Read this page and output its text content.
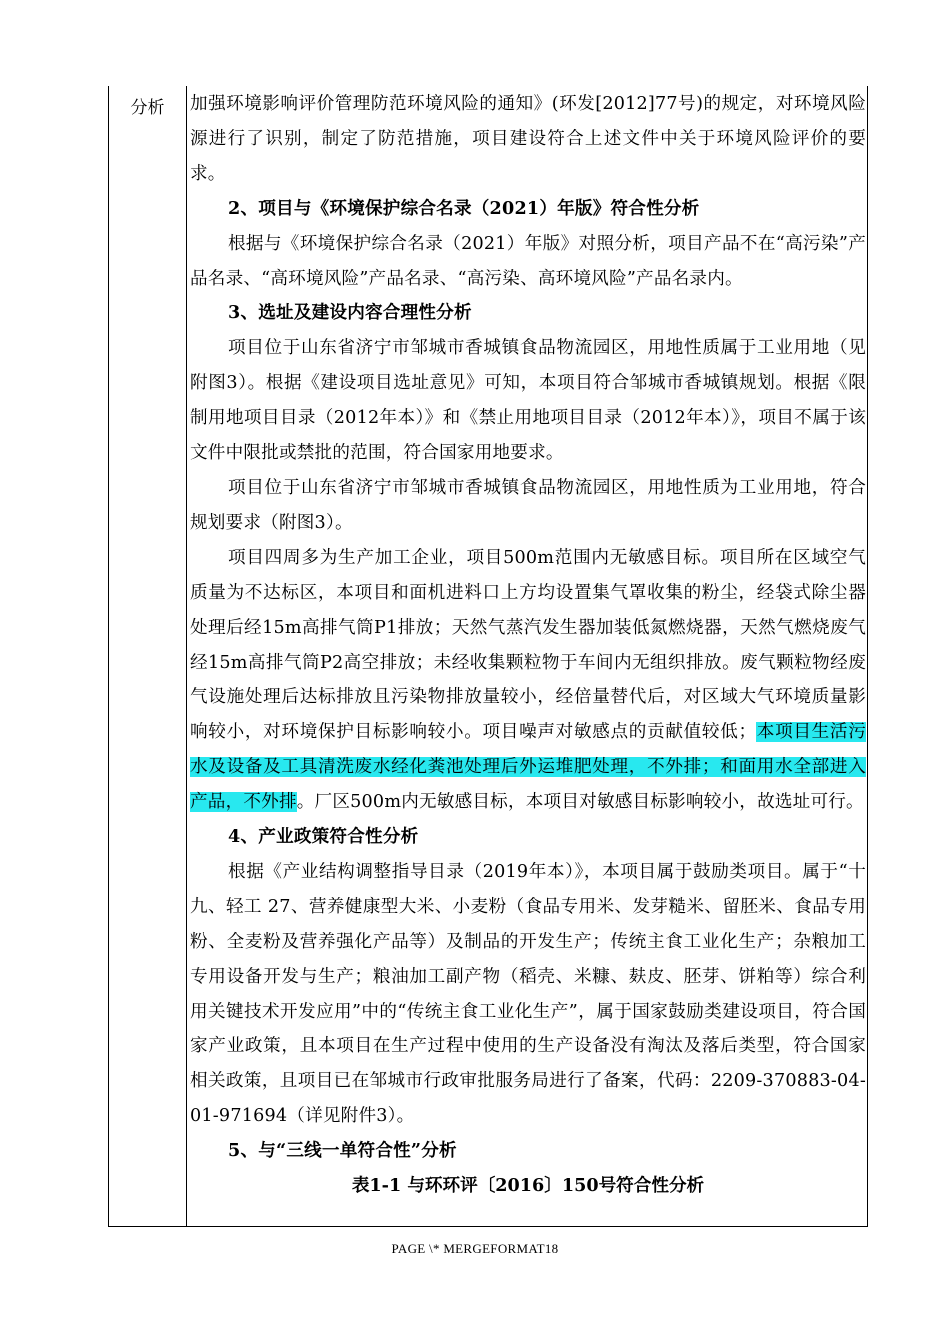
分析	加强环境影响评价管理防范环境风险的通知》(环发[2012]77号)的规定，对环境风险源进行了识别，制定了防范措施，项目建设符合上述文件中关于环境风险评价的要求。

2、项目与《环境保护综合名录（2021）年版》符合性分析

根据与《环境保护综合名录（2021）年版》对照分析，项目产品不在“高污染”产品名录、“高环境风险”产品名录、“高污染、高环境风险”产品名录内。

3、选址及建设内容合理性分析

项目位于山东省济宁市邹城市香城镇食品物流园区，用地性质属于工业用地（见附图3）。根据《建设项目选址意见》可知，本项目符合邹城市香城镇规划。根据《限制用地项目目录（2012年本）》和《禁止用地项目目录（2012年本）》，项目不属于该文件中限批或禁批的范围，符合国家用地要求。

项目位于山东省济宁市邹城市香城镇食品物流园区，用地性质为工业用地，符合规划要求（附图3）。

项目四周多为生产加工企业，项目500m范围内无敏感目标。项目所在区域空气质量为不达标区，本项目和面机进料口上方均设置集气罩收集的粉尘，经袋式除尘器处理后经15m高排气筒P1排放；天然气蒸汽发生器加装低氮燃烧器，天然气燃烧废气经15m高排气筒P2高空排放；未经收集颗粒物于车间内无组织排放。废气颗粒物经废气设施处理后达标排放且污染物排放量较小，经倍量替代后，对区域大气环境质量影响较小，对环境保护目标影响较小。项目噪声对敏感点的贡献值较低；本项目生活污水及设备及工具清洗废水经化粪池处理后外运堆肥处理，不外排；和面用水全部进入产品，不外排。厂区500m内无敏感目标，本项目对敏感目标影响较小，故选址可行。

4、产业政策符合性分析

根据《产业结构调整指导目录（2019年本）》，本项目属于鼓励类项目。属于“十九、轻工 27、营养健康型大米、小麦粉（食品专用米、发芽糙米、留胚米、食品专用粉、全麦粉及营养强化产品等）及制品的开发生产；传统主食工业化生产；杂粮加工专用设备开发与生产；粮油加工副产物（稻壳、米糠、麸皮、胚芽、饼粕等）综合利用关键技术开发应用”中的“传统主食工业化生产”，属于国家鼓励类建设项目，符合国家产业政策，且本项目在生产过程中使用的生产设备没有淘汰及落后类型，符合国家相关政策，且项目已在邹城市行政审批服务局进行了备案，代码：2209-370883-04-01-971694（详见附件3）。

5、与“三线一单符合性”分析

表1-1 与环环评〔2016〕150号符合性分析

PAGE \* MERGEFORMAT18
